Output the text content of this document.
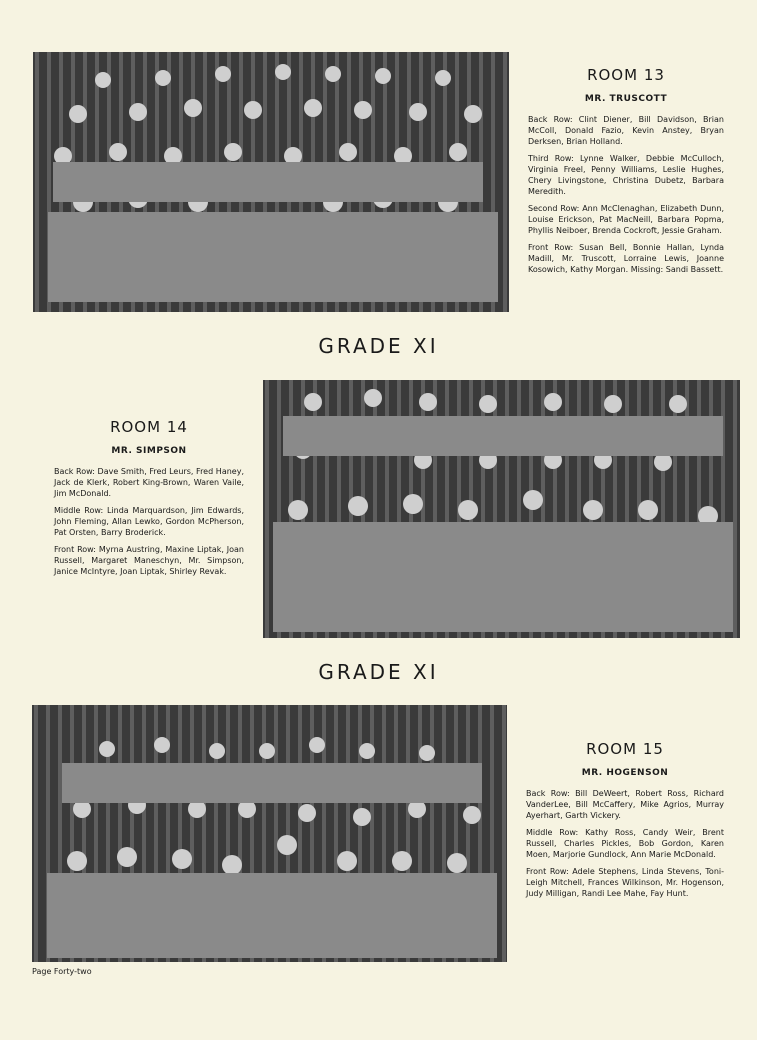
ROOM 13
MR. TRUSCOTT

Back Row: Clint Diener, Bill Davidson, Brian McColl, Donald Fazio, Kevin Anstey, Bryan Derksen, Brian Holland.

Third Row: Lynne Walker, Debbie McCulloch, Virginia Freel, Penny Williams, Leslie Hughes, Chery Livingstone, Christina Dubetz, Barbara Meredith.

Second Row: Ann McClenaghan, Elizabeth Dunn, Louise Erickson, Pat MacNeill, Barbara Popma, Phyllis Neiboer, Brenda Cockroft, Jessie Graham.

Front Row: Susan Bell, Bonnie Hallan, Lynda Madill, Mr. Truscott, Lorraine Lewis, Joanne Kosowich, Kathy Morgan. Missing: Sandi Bassett.

GRADE XI
ROOM 14
MR. SIMPSON

Back Row: Dave Smith, Fred Leurs, Fred Haney, Jack de Klerk, Robert King-Brown, Waren Vaile, Jim McDonald.

Middle Row: Linda Marquardson, Jim Edwards, John Fleming, Allan Lewko, Gordon McPherson, Pat Orsten, Barry Broderick.

Front Row: Myrna Austring, Maxine Liptak, Joan Russell, Margaret Maneschyn, Mr. Simpson, Janice McIntyre, Joan Liptak, Shirley Revak.

GRADE XI
ROOM 15
MR. HOGENSON

Back Row: Bill DeWeert, Robert Ross, Richard VanderLee, Bill McCaffery, Mike Agrios, Murray Ayerhart, Garth Vickery.

Middle Row: Kathy Ross, Candy Weir, Brent Russell, Charles Pickles, Bob Gordon, Karen Moen, Marjorie Gundlock, Ann Marie McDonald.

Front Row: Adele Stephens, Linda Stevens, Toni-Leigh Mitchell, Frances Wilkinson, Mr. Hogenson, Judy Milligan, Randi Lee Mahe, Fay Hunt.

Page Forty-two
